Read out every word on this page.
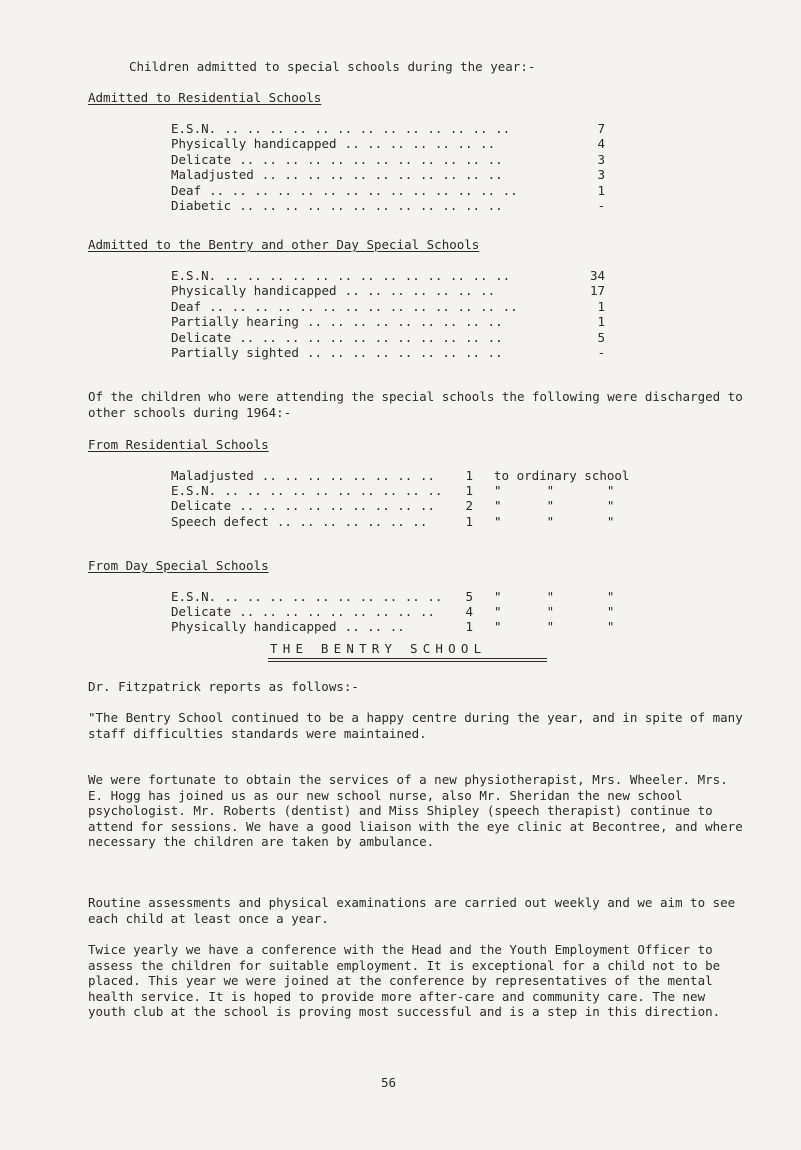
Children admitted to special schools during the year:-
Admitted to Residential Schools
E.S.N. .. .. .. .. .. .. .. .. .. .. .. .. ..	7
Physically handicapped .. .. .. .. .. .. ..	4
Delicate .. .. .. .. .. .. .. .. .. .. .. ..	3
Maladjusted .. .. .. .. .. .. .. .. .. .. ..	3
Deaf .. .. .. .. .. .. .. .. .. .. .. .. .. ..	1
Diabetic .. .. .. .. .. .. .. .. .. .. .. ..	-
Admitted to the Bentry and other Day Special Schools
E.S.N. .. .. .. .. .. .. .. .. .. .. .. .. ..	34
Physically handicapped .. .. .. .. .. .. ..	17
Deaf .. .. .. .. .. .. .. .. .. .. .. .. .. ..	1
Partially hearing .. .. .. .. .. .. .. .. ..	1
Delicate .. .. .. .. .. .. .. .. .. .. .. ..	5
Partially sighted .. .. .. .. .. .. .. .. ..	-
Of the children who were attending the special schools the following were discharged to other schools during 1964:-
From Residential Schools
Maladjusted .. .. .. .. .. .. .. .. 1 to ordinary school
E.S.N. .. .. .. .. .. .. .. .. .. .. 1 "      "       "
Delicate .. .. .. .. .. .. .. .. .. 2 "      "       "
Speech defect .. .. .. .. .. .. ..	1 "      "       "
From Day Special Schools
E.S.N. .. .. .. .. .. .. .. .. .. .. 5 "      "       "
Delicate .. .. .. .. .. .. .. .. .. 4 "      "       "
Physically handicapped .. .. ..	1 "      "       "
THE BENTRY SCHOOL
Dr. Fitzpatrick reports as follows:-
"The Bentry School continued to be a happy centre during the year, and in spite of many staff difficulties standards were maintained.
We were fortunate to obtain the services of a new physiotherapist, Mrs. Wheeler. Mrs. E. Hogg has joined us as our new school nurse, also Mr. Sheridan the new school psychologist. Mr. Roberts (dentist) and Miss Shipley (speech therapist) continue to attend for sessions. We have a good liaison with the eye clinic at Becontree, and where necessary the children are taken by ambulance.
Routine assessments and physical examinations are carried out weekly and we aim to see each child at least once a year.
Twice yearly we have a conference with the Head and the Youth Employment Officer to assess the children for suitable employment. It is exceptional for a child not to be placed. This year we were joined at the conference by representatives of the mental health service. It is hoped to provide more after-care and community care. The new youth club at the school is proving most successful and is a step in this direction.
56
